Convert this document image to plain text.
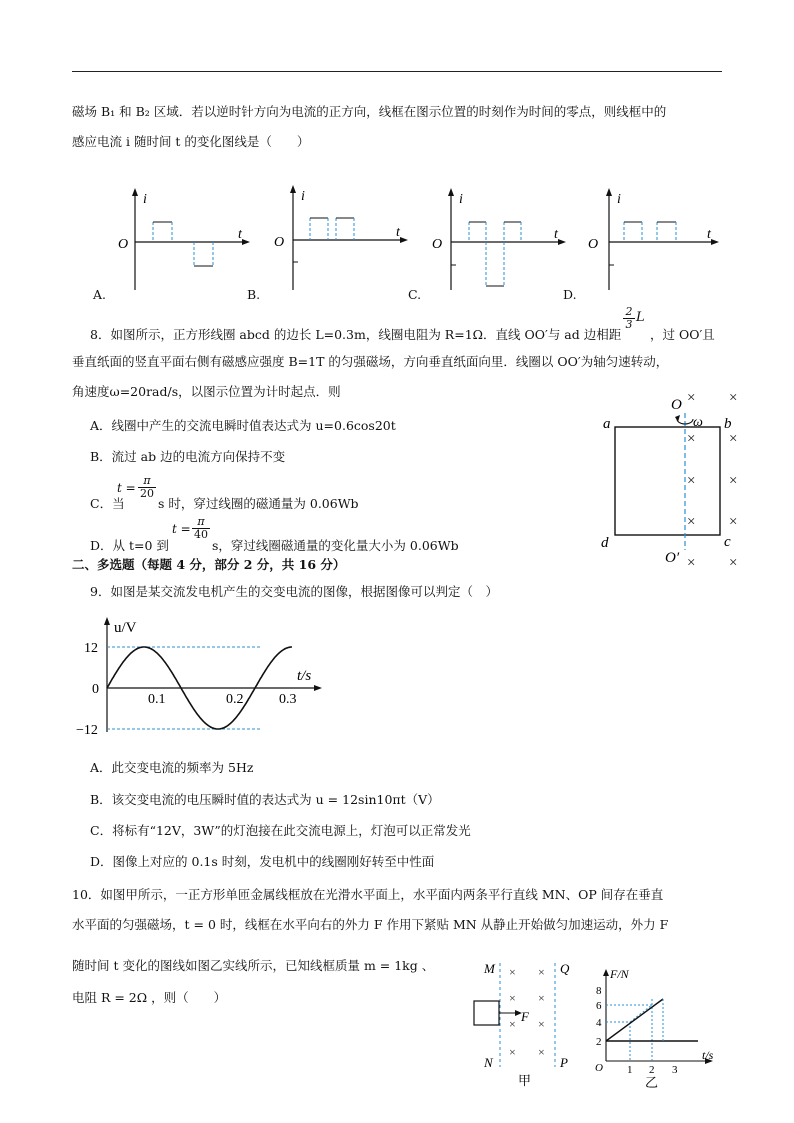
磁场 B₁ 和 B₂ 区域．若以逆时针方向为电流的正方向，线框在图示位置的时刻作为时间的零点，则线框中的
感应电流 i 随时间 t 的变化图线是（　　）
i
t
O
A.
i
t
O
B.
i
t
O
C.
i
t
O
D.
8．如图所示，正方形线圈 abcd 的边长 L=0.3m，线圈电阻为 R=1Ω．直线 OO′与 ad 边相距
$\frac{2}{3}$ L
，过 OO′且
垂直纸面的竖直平面右侧有磁感应强度 B=1T 的匀强磁场，方向垂直纸面向里．线圈以 OO′为轴匀速转动，
角速度ω=20rad/s，以图示位置为计时起点．则
A．线圈中产生的交流电瞬时值表达式为 u=0.6cos20t
B．流过 ab 边的电流方向保持不变
C．当
$t = \frac{\pi}{20}$
s 时，穿过线圈的磁通量为 0.06Wb
D．从 t=0 到
$t = \frac{\pi}{40}$
s，穿过线圈磁通量的变化量大小为 0.06Wb
× ×
× ×
× ×
× ×
× ×
O
ω
a	b
c
d
O′
二、多选题（每题 4 分，部分 2 分，共 16 分）
9．如图是某交流发电机产生的交变电流的图像，根据图像可以判定（　）
u/V
t/s
12
0
−12
0.1	0.2	0.3
A．此交变电流的频率为 5Hz
B．该交变电流的电压瞬时值的表达式为 u = 12sin10πt（V）
C．将标有“12V，3W”的灯泡接在此交流电源上，灯泡可以正常发光
D．图像上对应的 0.1s 时刻，发电机中的线圈刚好转至中性面
10．如图甲所示，一正方形单匝金属线框放在光滑水平面上，水平面内两条平行直线 MN、OP 间存在垂直
水平面的匀强磁场，t = 0 时，线框在水平向右的外力 F 作用下紧贴 MN 从静止开始做匀加速运动，外力 F
随时间 t 变化的图线如图乙实线所示，已知线框质量 m = 1kg 、
电阻 R = 2Ω ，则（　　）
M
N
Q
P
× ×
× ×
× ×
× ×
F
甲
F/N
t/s
8
6
4
2
O 1 2 3
乙
